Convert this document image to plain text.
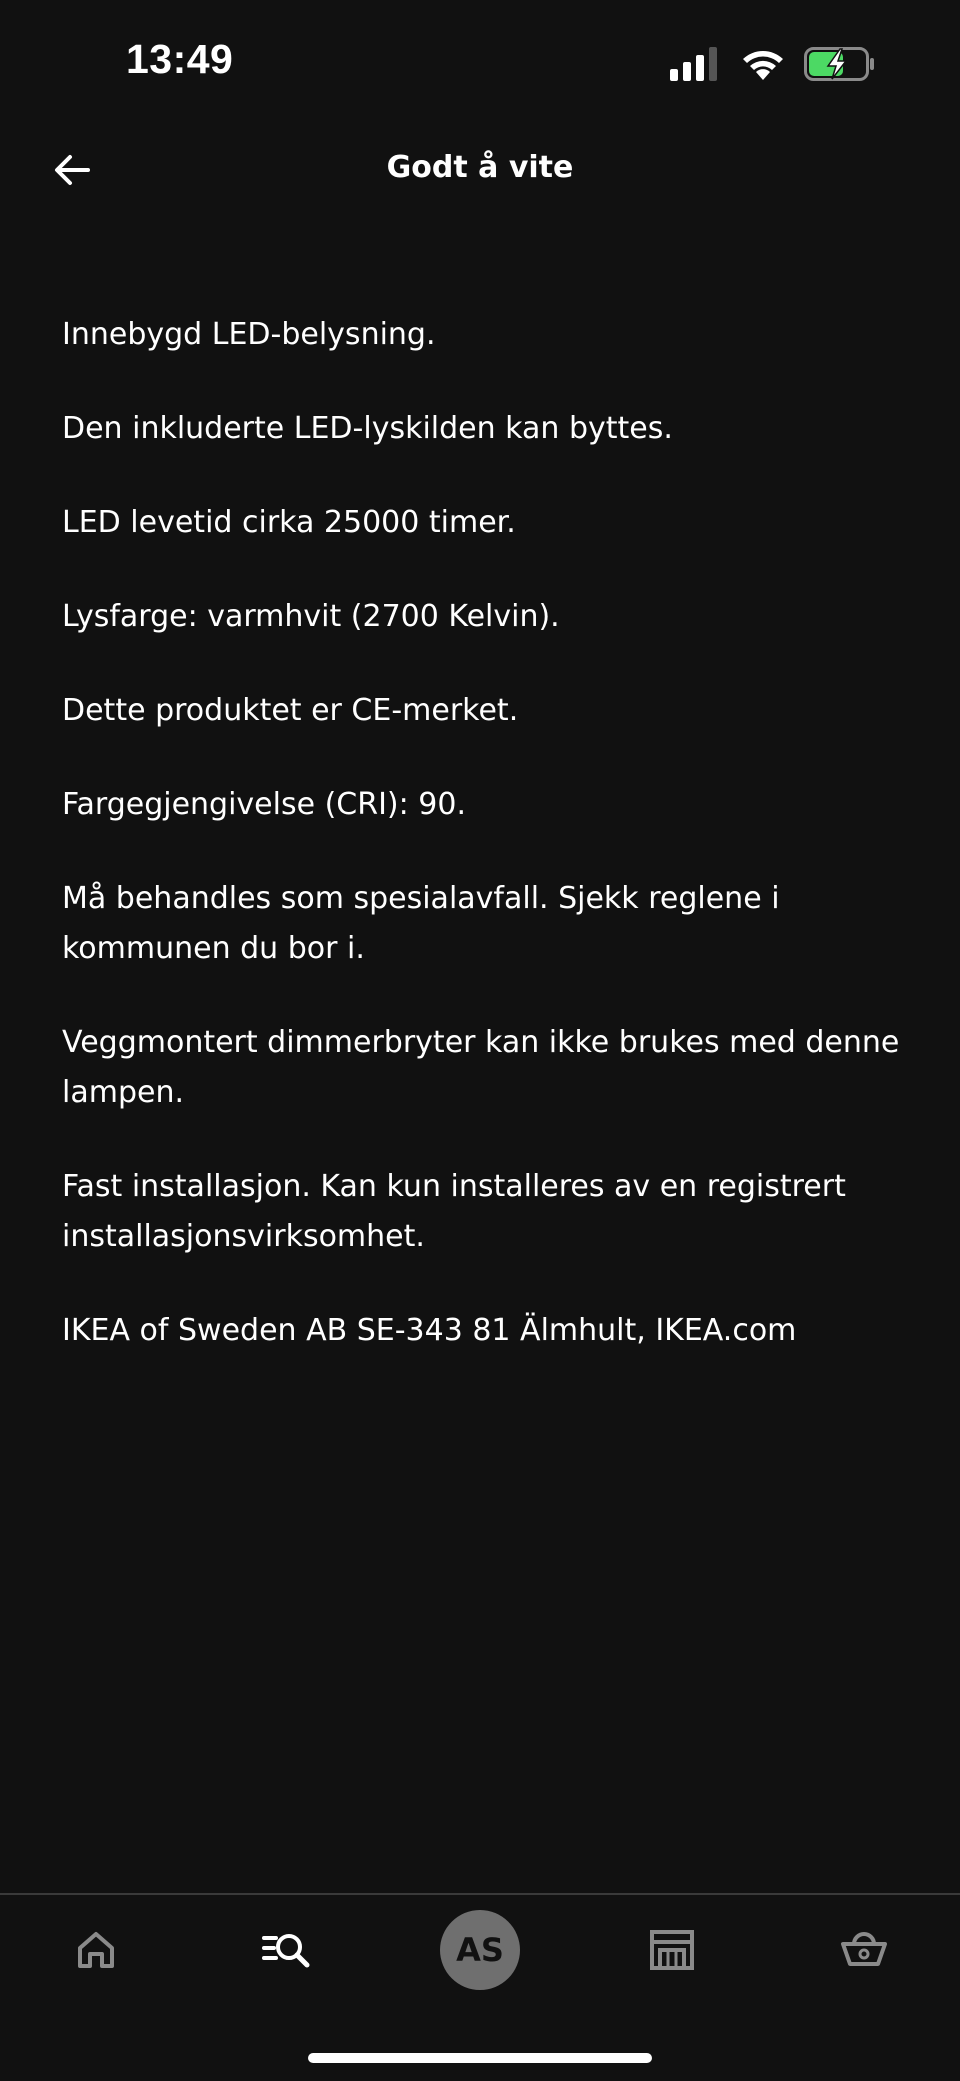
13:49
Godt å vite

Innebygd LED-belysning.

Den inkluderte LED-lyskilden kan byttes.

LED levetid cirka 25000 timer.

Lysfarge: varmhvit (2700 Kelvin).

Dette produktet er CE-merket.

Fargegjengivelse (CRI): 90.

Må behandles som spesialavfall. Sjekk reglene i kommunen du bor i.

Veggmontert dimmerbryter kan ikke brukes med denne lampen.

Fast installasjon. Kan kun installeres av en registrert installasjonsvirksomhet.

IKEA of Sweden AB SE-343 81 Älmhult, IKEA.com

AS
